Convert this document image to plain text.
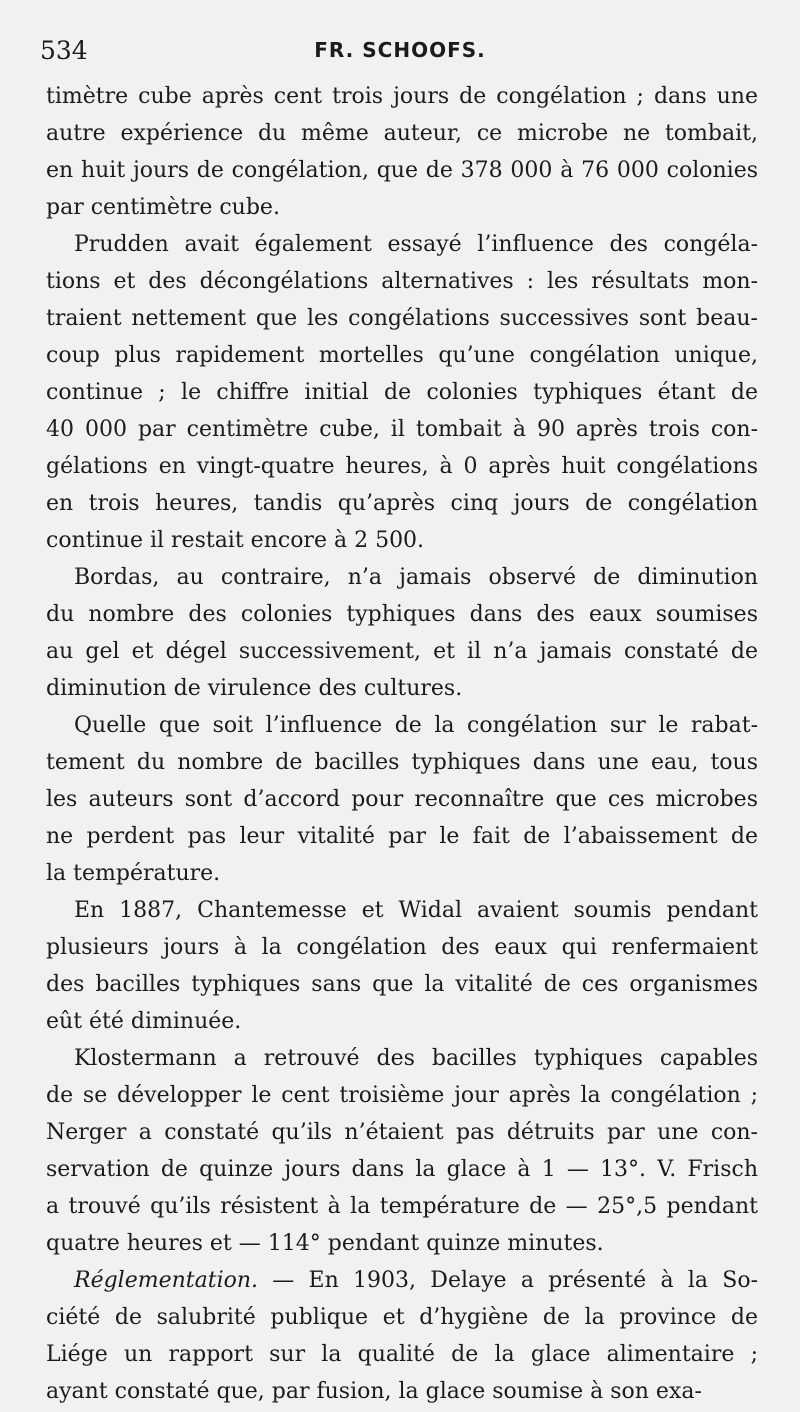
534	FR. SCHOOFS.
timètre cube après cent trois jours de congélation ; dans une
autre expérience du même auteur, ce microbe ne tombait,
en huit jours de congélation, que de 378 000 à 76 000 colonies
par centimètre cube.
Prudden avait également essayé l’influence des congéla-
tions et des décongélations alternatives : les résultats mon-
traient nettement que les congélations successives sont beau-
coup plus rapidement mortelles qu’une congélation unique,
continue ; le chiffre initial de colonies typhiques étant de
40 000 par centimètre cube, il tombait à 90 après trois con-
gélations en vingt-quatre heures, à 0 après huit congélations
en trois heures, tandis qu’après cinq jours de congélation
continue il restait encore à 2 500.
Bordas, au contraire, n’a jamais observé de diminution
du nombre des colonies typhiques dans des eaux soumises
au gel et dégel successivement, et il n’a jamais constaté de
diminution de virulence des cultures.
Quelle que soit l’influence de la congélation sur le rabat-
tement du nombre de bacilles typhiques dans une eau, tous
les auteurs sont d’accord pour reconnaître que ces microbes
ne perdent pas leur vitalité par le fait de l’abaissement de
la température.
En 1887, Chantemesse et Widal avaient soumis pendant
plusieurs jours à la congélation des eaux qui renfermaient
des bacilles typhiques sans que la vitalité de ces organismes
eût été diminuée.
Klostermann a retrouvé des bacilles typhiques capables
de se développer le cent troisième jour après la congélation ;
Nerger a constaté qu’ils n’étaient pas détruits par une con-
servation de quinze jours dans la glace à 1 — 13°. V. Frisch
a trouvé qu’ils résistent à la température de — 25°,5 pendant
quatre heures et — 114° pendant quinze minutes.
Réglementation. — En 1903, Delaye a présenté à la So-
ciété de salubrité publique et d’hygiène de la province de
Liége un rapport sur la qualité de la glace alimentaire ;
ayant constaté que, par fusion, la glace soumise à son exa-
